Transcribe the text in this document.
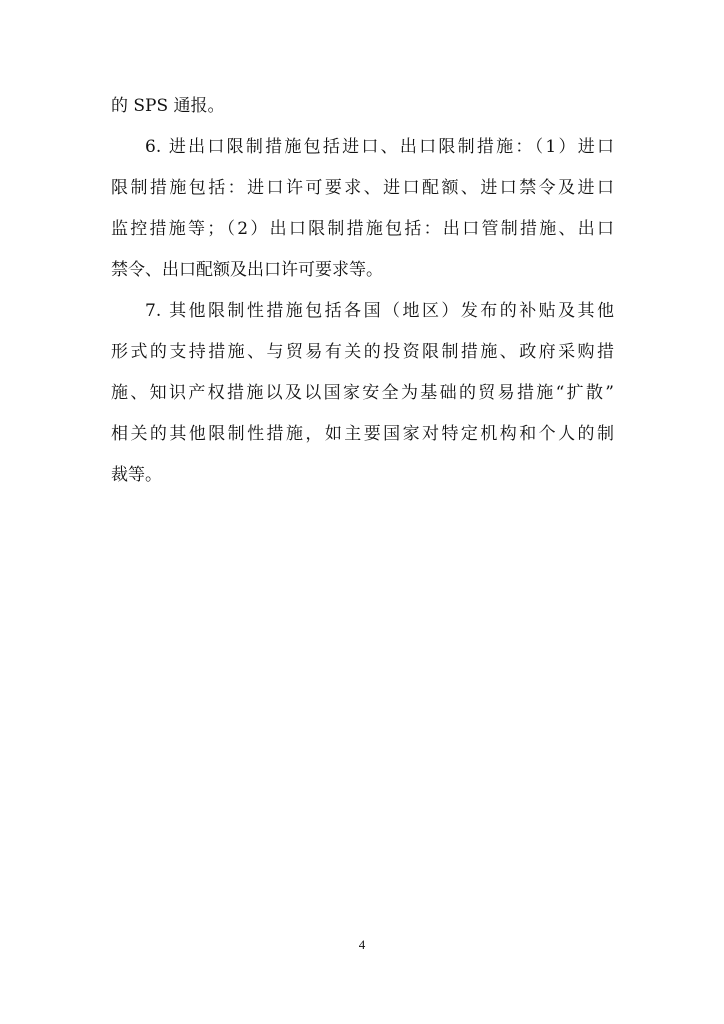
的 SPS 通报。
6. 进出口限制措施包括进口、出口限制措施：（1）进口
限制措施包括：进口许可要求、进口配额、进口禁令及进口
监控措施等；（2）出口限制措施包括：出口管制措施、出口
禁令、出口配额及出口许可要求等。
7. 其他限制性措施包括各国（地区）发布的补贴及其他
形式的支持措施、与贸易有关的投资限制措施、政府采购措
施、知识产权措施以及以国家安全为基础的贸易措施“扩散”
相关的其他限制性措施，如主要国家对特定机构和个人的制
裁等。
4
